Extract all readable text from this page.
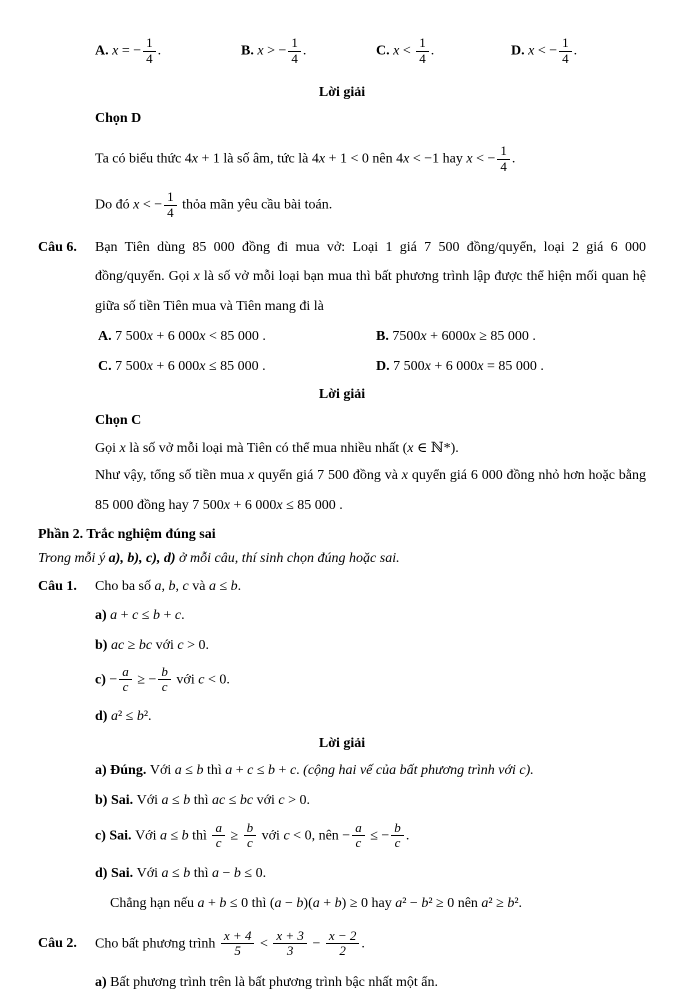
A. x = − $\frac{1}{4}$ .	B. x > − $\frac{1}{4}$ .	C. $x < \frac{1}{4}$ .	D. x < − $\frac{1}{4}$ .
Lời giải
Chọn D
Ta có biểu thức 4x + 1 là số âm, tức là 4x + 1 < 0 nên 4x < −1 hay x < − $\frac{1}{4}$ .
Do đó x < − $\frac{1}{4}$ thỏa mãn yêu cầu bài toán.
Câu 6.	Bạn Tiên dùng 85 000 đồng đi mua vở: Loại 1 giá 7 500 đồng/quyển, loại 2 giá 6 000 đồng/quyển. Gọi x là số vở mỗi loại bạn mua thì bất phương trình lập được thể hiện mối quan hệ giữa số tiền Tiên mua và Tiên mang đi là
A. 7 500x + 6 000x < 85 000 .	B. 7500x + 6000x ≥ 85 000 .
C. 7 500x + 6 000x ≤ 85 000 .	D. 7 500x + 6 000x = 85 000 .
Lời giải
Chọn C
Gọi x là số vở mỗi loại mà Tiên có thể mua nhiều nhất (x ∈ ℕ*).
Như vậy, tổng số tiền mua x quyển giá 7 500 đồng và x quyển giá 6 000 đồng nhỏ hơn hoặc bằng 85 000 đồng hay 7 500x + 6 000x ≤ 85 000 .
Phần 2. Trắc nghiệm đúng sai
Trong mỗi ý a), b), c), d) ở mỗi câu, thí sinh chọn đúng hoặc sai.
Câu 1.	Cho ba số a, b, c và a ≤ b.
a) a + c ≤ b + c.
b) ac ≥ bc với c > 0.
$c) - \frac{a}{c}$ ≥ − $\frac{b}{c}$ với c < 0.
d) a² ≤ b².
Lời giải
a) Đúng. Với a ≤ b thì a + c ≤ b + c. (cộng hai vế của bất phương trình với c).
b) Sai. Với a ≤ b thì ac ≤ bc với c > 0.
c) Sai. Với a ≤ b thì $\frac{a}{c} \ge \frac{b}{c}$ với c < 0, nên − $\frac{a}{c}$ ≤ − $\frac{b}{c}$ .
d) Sai. Với a ≤ b thì a − b ≤ 0.
Chẳng hạn nếu a + b ≤ 0 thì (a − b)(a + b) ≥ 0 hay a² − b² ≥ 0 nên a² ≥ b².
Câu 2.	Cho bất phương trình $\frac{x + 4}{5} < \frac{x + 3}{3} - \frac{x - 2}{2}$ .
a) Bất phương trình trên là bất phương trình bậc nhất một ẩn.
